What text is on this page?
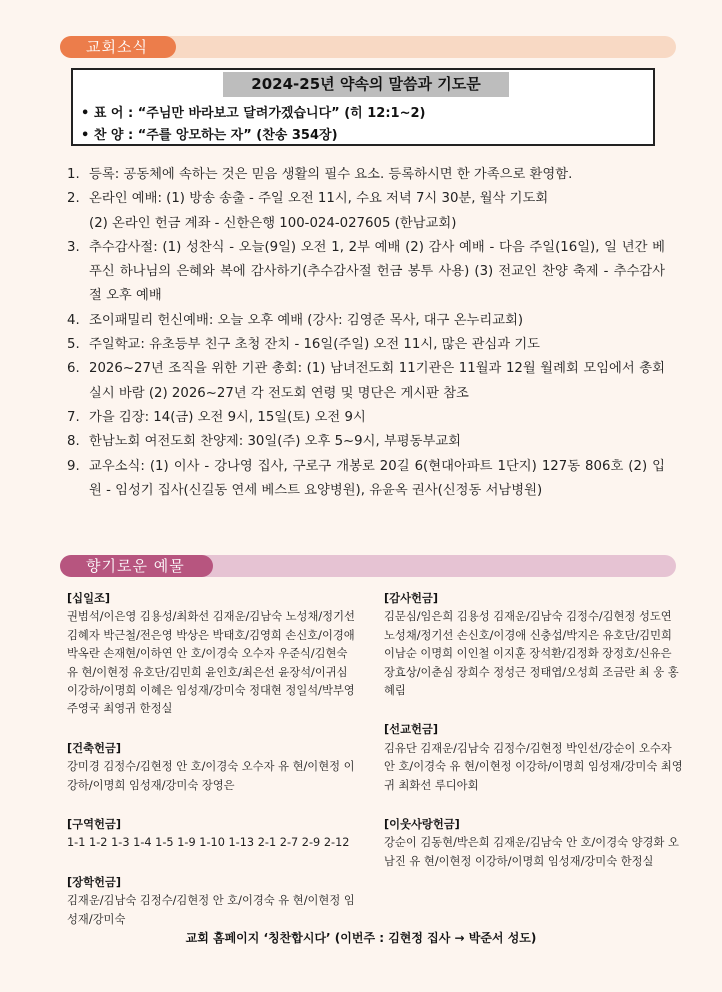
교회소식
2024-25년 약속의 말씀과 기도문
• 표 어 : “주님만 바라보고 달려가겠습니다” (히 12:1~2)
• 찬 양 : “주를 앙모하는 자” (찬송 354장)
1. 등록: 공동체에 속하는 것은 믿음 생활의 필수 요소. 등록하시면 한 가족으로 환영함.
2. 온라인 예배: (1) 방송 송출 - 주일 오전 11시, 수요 저녁 7시 30분, 월삭 기도회
(2) 온라인 헌금 계좌 - 신한은행 100-024-027605 (한남교회)
3. 추수감사절: (1) 성찬식 - 오늘(9일) 오전 1, 2부 예배 (2) 감사 예배 - 다음 주일(16일), 일 년간 베푸신 하나님의 은혜와 복에 감사하기(추수감사절 헌금 봉투 사용) (3) 전교인 찬양 축제 - 추수감사절 오후 예배
4. 조이패밀리 헌신예배: 오늘 오후 예배 (강사: 김영준 목사, 대구 온누리교회)
5. 주일학교: 유초등부 친구 초청 잔치 - 16일(주일) 오전 11시, 많은 관심과 기도
6. 2026~27년 조직을 위한 기관 총회: (1) 남녀전도회 11기관은 11월과 12월 월례회 모임에서 총회 실시 바람 (2) 2026~27년 각 전도회 연령 및 명단은 게시판 참조
7. 가을 김장: 14(금) 오전 9시, 15일(토) 오전 9시
8. 한남노회 여전도회 찬양제: 30일(주) 오후 5~9시, 부평동부교회
9. 교우소식: (1) 이사 - 강나영 집사, 구로구 개봉로 20길 6(현대아파트 1단지) 127동 806호 (2) 입원 - 임성기 집사(신길동 연세 베스트 요양병원), 유윤옥 권사(신정동 서남병원)
향기로운 예물
[십일조]
권범석/이은영 김용성/최화선 김재운/김남숙 노성채/정기선 김혜자 박근철/전은영 박상은 박태호/김영희 손신호/이경애 박옥란 손재현/이하연 안 호/이경숙 오수자 우준식/김현숙 유 현/이현정 유호단/김민희 윤인호/최은선 윤장석/이귀심 이강하/이명희 이혜은 임성재/강미숙 정대현 정일석/박부영 주영국 최영귀 한정실
[건축헌금]
강미경 김정수/김현정 안 호/이경숙 오수자 유 현/이현정 이강하/이명희 임성재/강미숙 장영은
[구역헌금]
1-1 1-2 1-3 1-4 1-5 1-9 1-10 1-13 2-1 2-7 2-9 2-12
[장학헌금]
김재운/김남숙 김정수/김현정 안 호/이경숙 유 현/이현정 임성재/강미숙
[감사헌금]
김문심/임은희 김용성 김재운/김남숙 김정수/김현정 성도연 노성채/정기선 손신호/이경애 신충섭/박지은 유호단/김민희 이남순 이명희 이인철 이지훈 장석환/김정화 장정호/신유은 장효상/이춘심 장희수 정성근 정태엽/오성희 조금란 최 웅 홍혜림
[선교헌금]
김유단 김재운/김남숙 김정수/김현정 박인선/강순이 오수자 안 호/이경숙 유 현/이현정 이강하/이명희 임성재/강미숙 최영귀 최화선 루디아회
[이웃사랑헌금]
강순이 김동현/박은희 김재운/김남숙 안 호/이경숙 양경화 오남진 유 현/이현정 이강하/이명희 임성재/강미숙 한정실
교회 홈페이지 ‘칭찬합시다’ (이번주 : 김현정 집사 → 박준서 성도)
